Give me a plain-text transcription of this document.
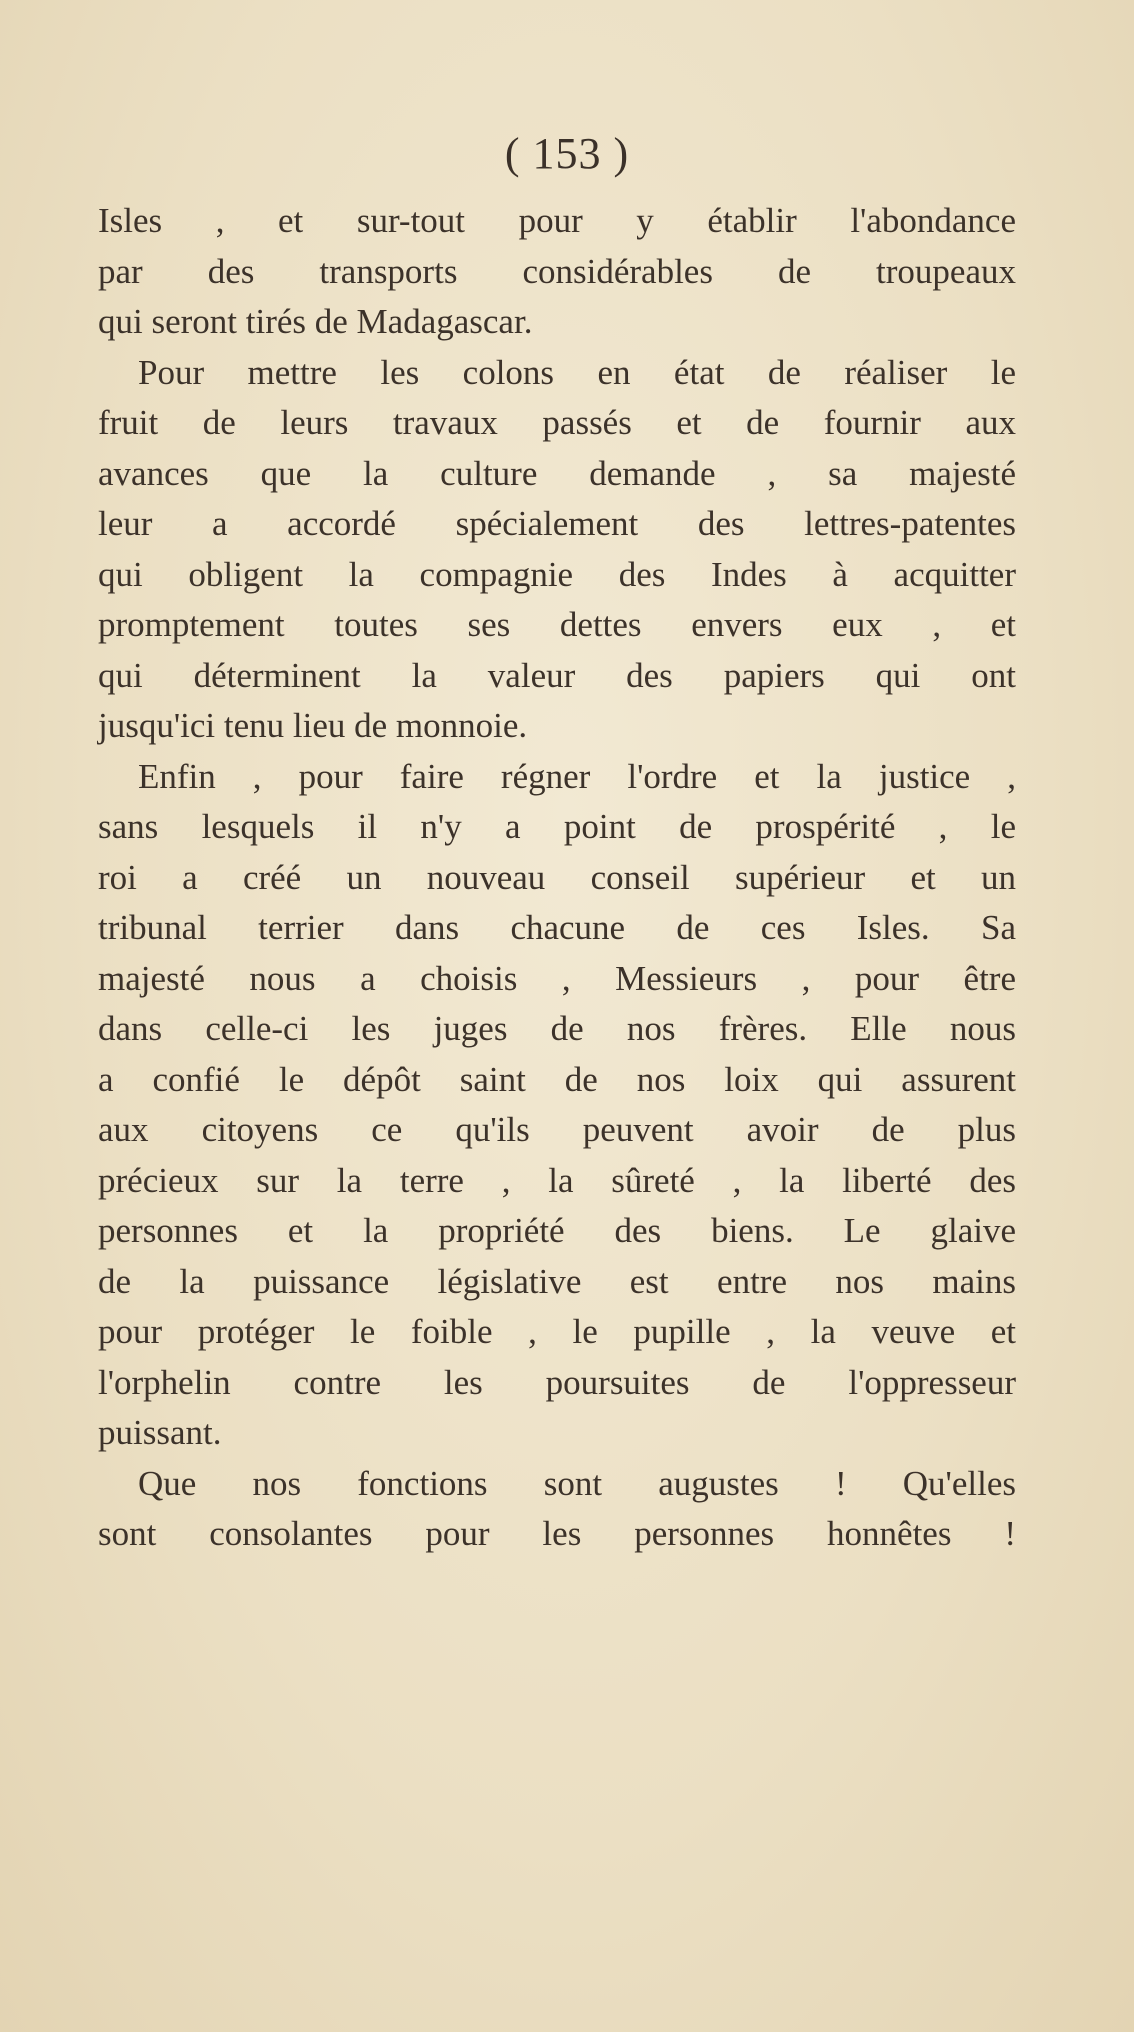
( 153 )
Isles , et sur-tout pour y établir l'abondance
par des transports considérables de troupeaux
qui seront tirés de Madagascar.
Pour mettre les colons en état de réaliser le
fruit de leurs travaux passés et de fournir aux
avances que la culture demande , sa majesté
leur a accordé spécialement des lettres-patentes
qui obligent la compagnie des Indes à acquitter
promptement toutes ses dettes envers eux , et
qui déterminent la valeur des papiers qui ont
jusqu'ici tenu lieu de monnoie.
Enfin , pour faire régner l'ordre et la justice ,
sans lesquels il n'y a point de prospérité , le
roi a créé un nouveau conseil supérieur et un
tribunal terrier dans chacune de ces Isles. Sa
majesté nous a choisis , Messieurs , pour être
dans celle-ci les juges de nos frères. Elle nous
a confié le dépôt saint de nos loix qui assurent
aux citoyens ce qu'ils peuvent avoir de plus
précieux sur la terre , la sûreté , la liberté des
personnes et la propriété des biens. Le glaive
de la puissance législative est entre nos mains
pour protéger le foible , le pupille , la veuve et
l'orphelin contre les poursuites de l'oppresseur
puissant.
Que nos fonctions sont augustes ! Qu'elles
sont consolantes pour les personnes honnêtes !
